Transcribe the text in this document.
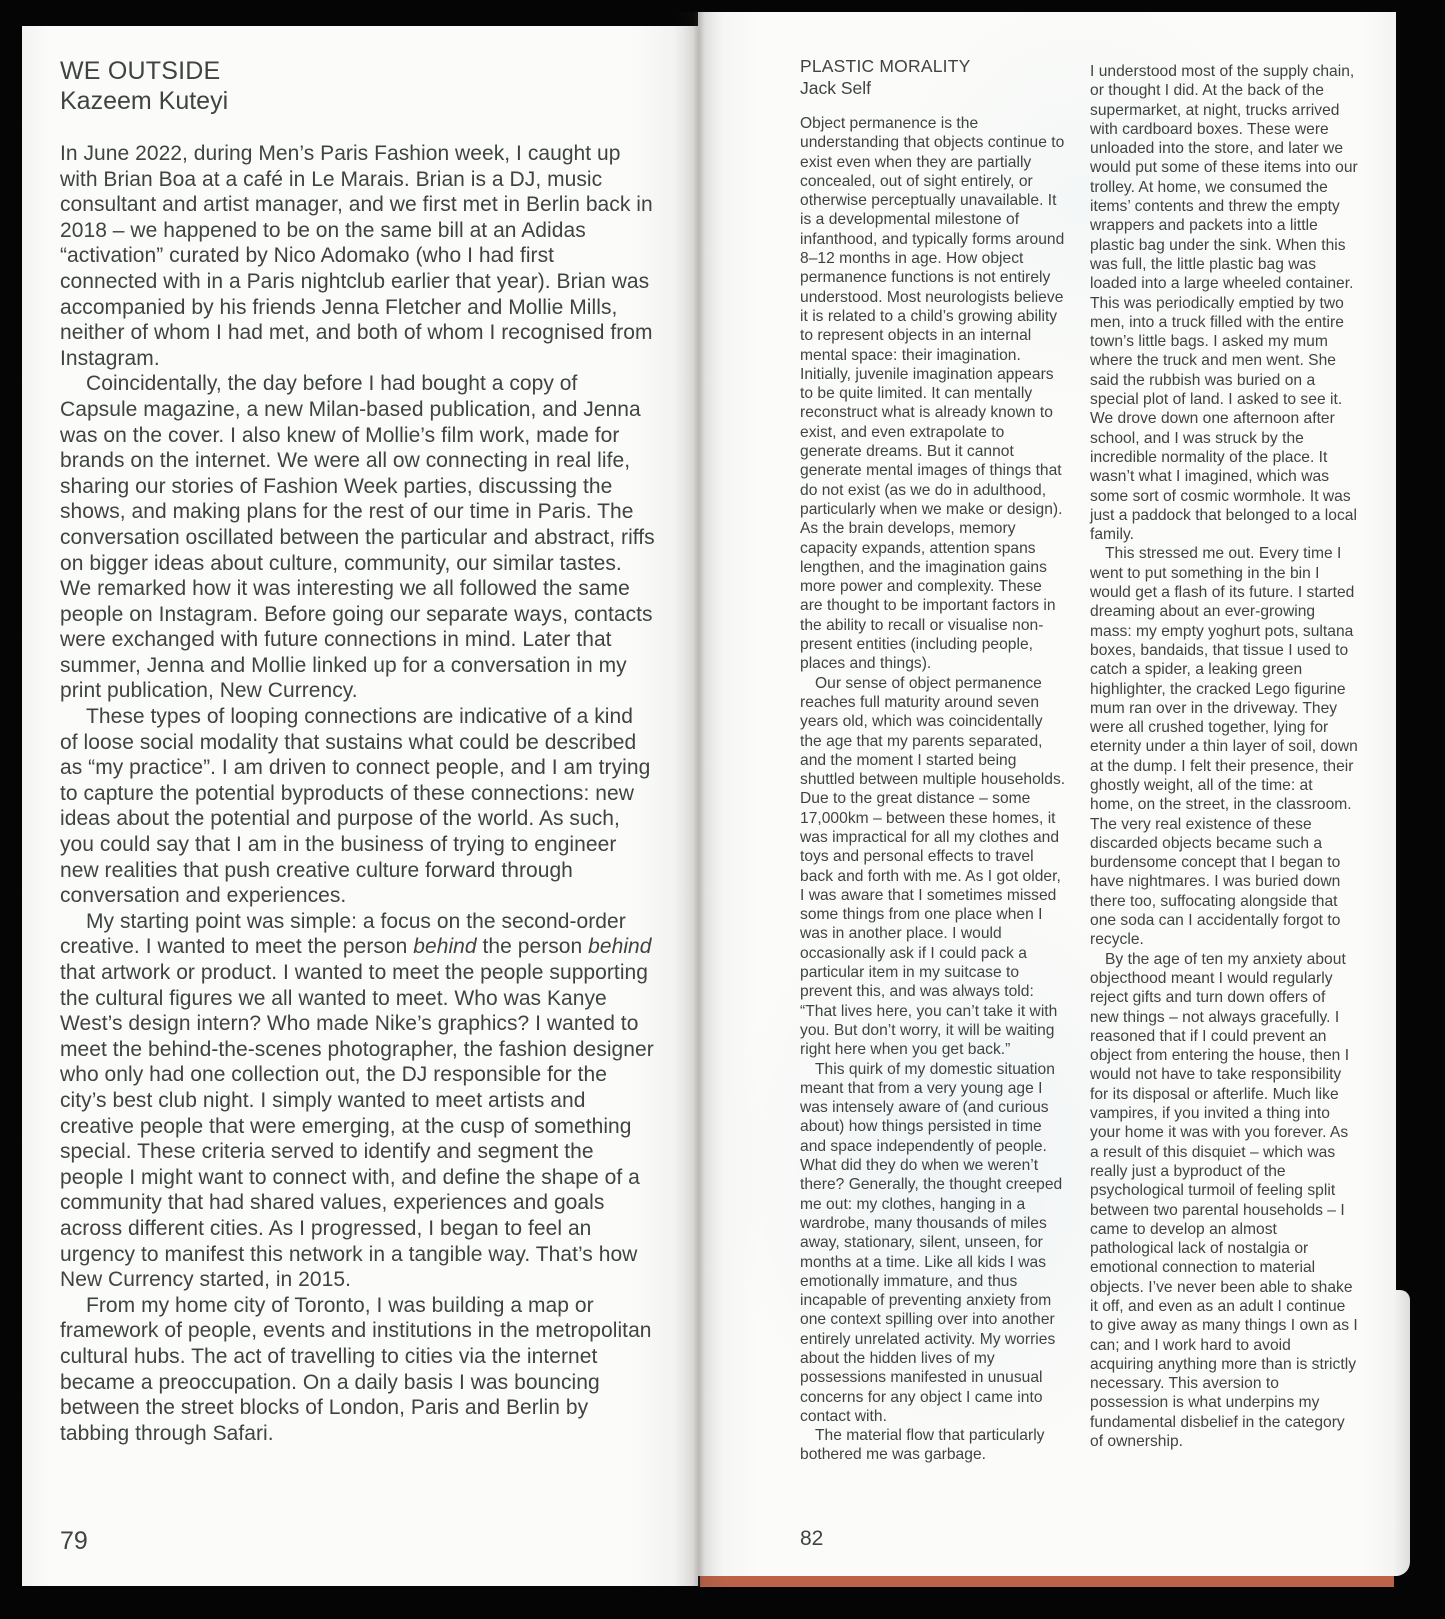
WE OUTSIDE
Kazeem Kuteyi

In June 2022, during Men’s Paris Fashion week, I caught up with Brian Boa at a café in Le Marais. Brian is a DJ, music consultant and artist manager, and we first met in Berlin back in 2018 – we happened to be on the same bill at an Adidas “activation” curated by Nico Adomako (who I had first connected with in a Paris nightclub earlier that year). Brian was accompanied by his friends Jenna Fletcher and Mollie Mills, neither of whom I had met, and both of whom I recognised from Instagram.

Coincidentally, the day before I had bought a copy of Capsule magazine, a new Milan-based publication, and Jenna was on the cover. I also knew of Mollie’s film work, made for brands on the internet. We were all ow connecting in real life, sharing our stories of Fashion Week parties, discussing the shows, and making plans for the rest of our time in Paris. The conversation oscillated between the particular and abstract, riffs on bigger ideas about culture, community, our similar tastes. We remarked how it was interesting we all followed the same people on Instagram. Before going our separate ways, contacts were exchanged with future connections in mind. Later that summer, Jenna and Mollie linked up for a conversation in my print publication, New Currency.

These types of looping connections are indicative of a kind of loose social modality that sustains what could be described as “my practice”. I am driven to connect people, and I am trying to capture the potential byproducts of these connections: new ideas about the potential and purpose of the world. As such, you could say that I am in the business of trying to engineer new realities that push creative culture forward through conversation and experiences.

My starting point was simple: a focus on the second-order creative. I wanted to meet the person behind the person behind that artwork or product. I wanted to meet the people supporting the cultural figures we all wanted to meet. Who was Kanye West’s design intern? Who made Nike’s graphics? I wanted to meet the behind-the-scenes photographer, the fashion designer who only had one collection out, the DJ responsible for the city’s best club night. I simply wanted to meet artists and creative people that were emerging, at the cusp of something special. These criteria served to identify and segment the people I might want to connect with, and define the shape of a community that had shared values, experiences and goals across different cities. As I progressed, I began to feel an urgency to manifest this network in a tangible way. That’s how New Currency started, in 2015.

From my home city of Toronto, I was building a map or framework of people, events and institutions in the metropolitan cultural hubs. The act of travelling to cities via the internet became a preoccupation. On a daily basis I was bouncing between the street blocks of London, Paris and Berlin by tabbing through Safari.

79
PLASTIC MORALITY
Jack Self

Object permanence is the understanding that objects continue to exist even when they are partially concealed, out of sight entirely, or otherwise perceptually unavailable. It is a developmental milestone of infanthood, and typically forms around 8–12 months in age. How object permanence functions is not entirely understood. Most neurologists believe it is related to a child’s growing ability to represent objects in an internal mental space: their imagination. Initially, juvenile imagination appears to be quite limited. It can mentally reconstruct what is already known to exist, and even extrapolate to generate dreams. But it cannot generate mental images of things that do not exist (as we do in adulthood, particularly when we make or design). As the brain develops, memory capacity expands, attention spans lengthen, and the imagination gains more power and complexity. These are thought to be important factors in the ability to recall or visualise non-present entities (including people, places and things).

Our sense of object permanence reaches full maturity around seven years old, which was coincidentally the age that my parents separated, and the moment I started being shuttled between multiple households. Due to the great distance – some 17,000km – between these homes, it was impractical for all my clothes and toys and personal effects to travel back and forth with me. As I got older, I was aware that I sometimes missed some things from one place when I was in another place. I would occasionally ask if I could pack a particular item in my suitcase to prevent this, and was always told: “That lives here, you can’t take it with you. But don’t worry, it will be waiting right here when you get back.”

This quirk of my domestic situation meant that from a very young age I was intensely aware of (and curious about) how things persisted in time and space independently of people. What did they do when we weren’t there? Generally, the thought creeped me out: my clothes, hanging in a wardrobe, many thousands of miles away, stationary, silent, unseen, for months at a time. Like all kids I was emotionally immature, and thus incapable of preventing anxiety from one context spilling over into another entirely unrelated activity. My worries about the hidden lives of my possessions manifested in unusual concerns for any object I came into contact with.

The material flow that particularly bothered me was garbage.

I understood most of the supply chain, or thought I did. At the back of the supermarket, at night, trucks arrived with cardboard boxes. These were unloaded into the store, and later we would put some of these items into our trolley. At home, we consumed the items’ contents and threw the empty wrappers and packets into a little plastic bag under the sink. When this was full, the little plastic bag was loaded into a large wheeled container. This was periodically emptied by two men, into a truck filled with the entire town’s little bags. I asked my mum where the truck and men went. She said the rubbish was buried on a special plot of land. I asked to see it. We drove down one afternoon after school, and I was struck by the incredible normality of the place. It wasn’t what I imagined, which was some sort of cosmic wormhole. It was just a paddock that belonged to a local family.

This stressed me out. Every time I went to put something in the bin I would get a flash of its future. I started dreaming about an ever-growing mass: my empty yoghurt pots, sultana boxes, bandaids, that tissue I used to catch a spider, a leaking green highlighter, the cracked Lego figurine mum ran over in the driveway. They were all crushed together, lying for eternity under a thin layer of soil, down at the dump. I felt their presence, their ghostly weight, all of the time: at home, on the street, in the classroom. The very real existence of these discarded objects became such a burdensome concept that I began to have nightmares. I was buried down there too, suffocating alongside that one soda can I accidentally forgot to recycle.

By the age of ten my anxiety about objecthood meant I would regularly reject gifts and turn down offers of new things – not always gracefully. I reasoned that if I could prevent an object from entering the house, then I would not have to take responsibility for its disposal or afterlife. Much like vampires, if you invited a thing into your home it was with you forever. As a result of this disquiet – which was really just a byproduct of the psychological turmoil of feeling split between two parental households – I came to develop an almost pathological lack of nostalgia or emotional connection to material objects. I’ve never been able to shake it off, and even as an adult I continue to give away as many things I own as I can; and I work hard to avoid acquiring anything more than is strictly necessary. This aversion to possession is what underpins my fundamental disbelief in the category of ownership.

82
